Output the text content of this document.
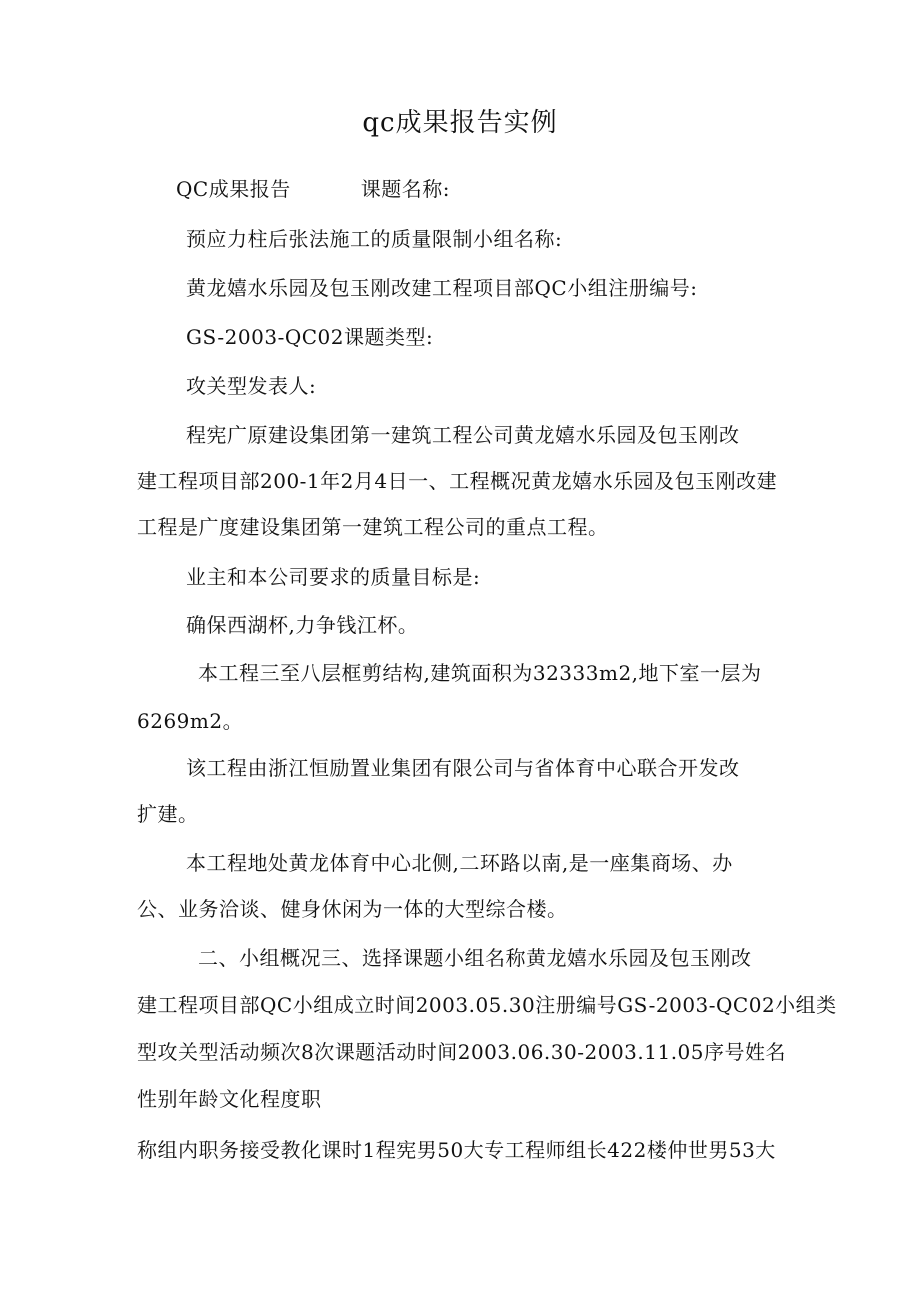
qc成果报告实例
QC成果报告	课题名称:
预应力柱后张法施工的质量限制小组名称:
黄龙嬉水乐园及包玉刚改建工程项目部QC小组注册编号:
GS-2003-QC02课题类型:
攻关型发表人:
程宪广原建设集团第一建筑工程公司黄龙嬉水乐园及包玉刚改
建工程项目部200-1年2月4日一、工程概况黄龙嬉水乐园及包玉刚改建
工程是广度建设集团第一建筑工程公司的重点工程。
业主和本公司要求的质量目标是:
确保西湖杯,力争钱江杯。
本工程三至八层框剪结构,建筑面积为32333m2,地下室一层为
6269m2。
该工程由浙江恒励置业集团有限公司与省体育中心联合开发改
扩建。
本工程地处黄龙体育中心北侧,二环路以南,是一座集商场、办
公、业务洽谈、健身休闲为一体的大型综合楼。
二、小组概况三、选择课题小组名称黄龙嬉水乐园及包玉刚改
建工程项目部QC小组成立时间2003.05.30注册编号GS-2003-QC02小组类
型攻关型活动频次8次课题活动时间2003.06.30-2003.11.05序号姓名
性别年龄文化程度职
称组内职务接受教化课时1程宪男50大专工程师组长422楼仲世男53大
